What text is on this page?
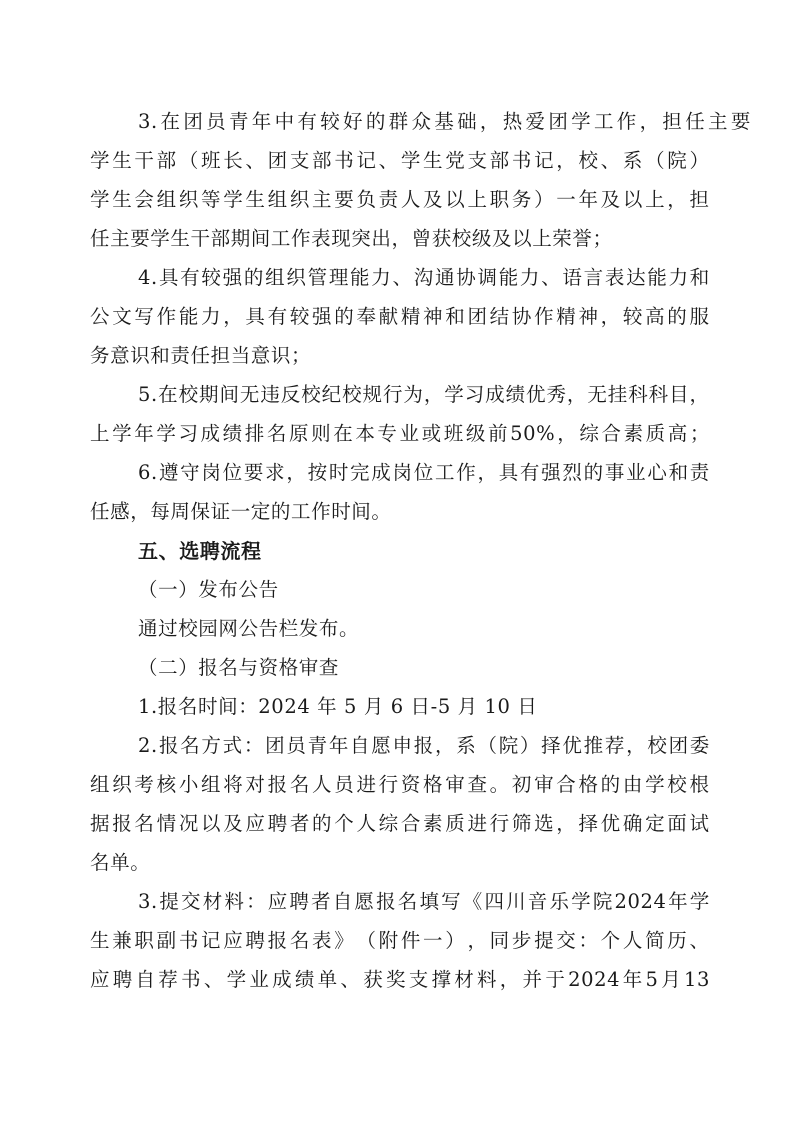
3. 在 团 员 青 年 中 有 较 好 的 群 众 基 础 ， 热 爱 团 学 工 作 ， 担 任 主 要
学 生 干 部 （ 班 长 、 团 支 部 书 记 、 学 生 党 支 部 书 记 ， 校 、 系 （ 院 ）
学 生 会 组 织 等 学 生 组 织 主 要 负 责 人 及 以 上 职 务 ） 一 年 及 以 上 ， 担
任主要学生干部期间工作表现突出，曾获校级及以上荣誉；
4. 具 有 较 强 的 组 织 管 理 能 力 、 沟 通 协 调 能 力 、 语 言 表 达 能 力 和
公 文 写 作 能 力 ， 具 有 较 强 的 奉 献 精 神 和 团 结 协 作 精 神 ， 较 高 的 服
务意识和责任担当意识；
5. 在 校 期 间 无 违 反 校 纪 校 规 行 为 ， 学 习 成 绩 优 秀 ， 无 挂 科 科 目 ，
上 学 年 学 习 成 绩 排 名 原 则 在 本 专 业 或 班 级 前 50% ， 综 合 素 质 高 ；
6. 遵 守 岗 位 要 求 ， 按 时 完 成 岗 位 工 作 ， 具 有 强 烈 的 事 业 心 和 责
任感，每周保证一定的工作时间。
五、选聘流程
（一）发布公告
通过校园网公告栏发布。
（二）报名与资格审查
1.报名时间：2024 年 5 月 6 日-5 月 10 日
2. 报 名 方 式 ： 团 员 青 年 自 愿 申 报 ， 系 （ 院 ） 择 优 推 荐 ， 校 团 委
组 织 考 核 小 组 将 对 报 名 人 员 进 行 资 格 审 查 。 初 审 合 格 的 由 学 校 根
据 报 名 情 况 以 及 应 聘 者 的 个 人 综 合 素 质 进 行 筛 选 ， 择 优 确 定 面 试
名单。
3. 提 交 材 料 ： 应 聘 者 自 愿 报 名 填 写 《 四 川 音 乐 学 院 2024 年 学
生 兼 职 副 书 记 应 聘 报 名 表 》 （ 附 件 一 ） ， 同 步 提 交 ： 个 人 简 历 、
应 聘 自 荐 书 、 学 业 成 绩 单 、 获 奖 支 撑 材 料 ， 并 于 2024 年 5 月 13
